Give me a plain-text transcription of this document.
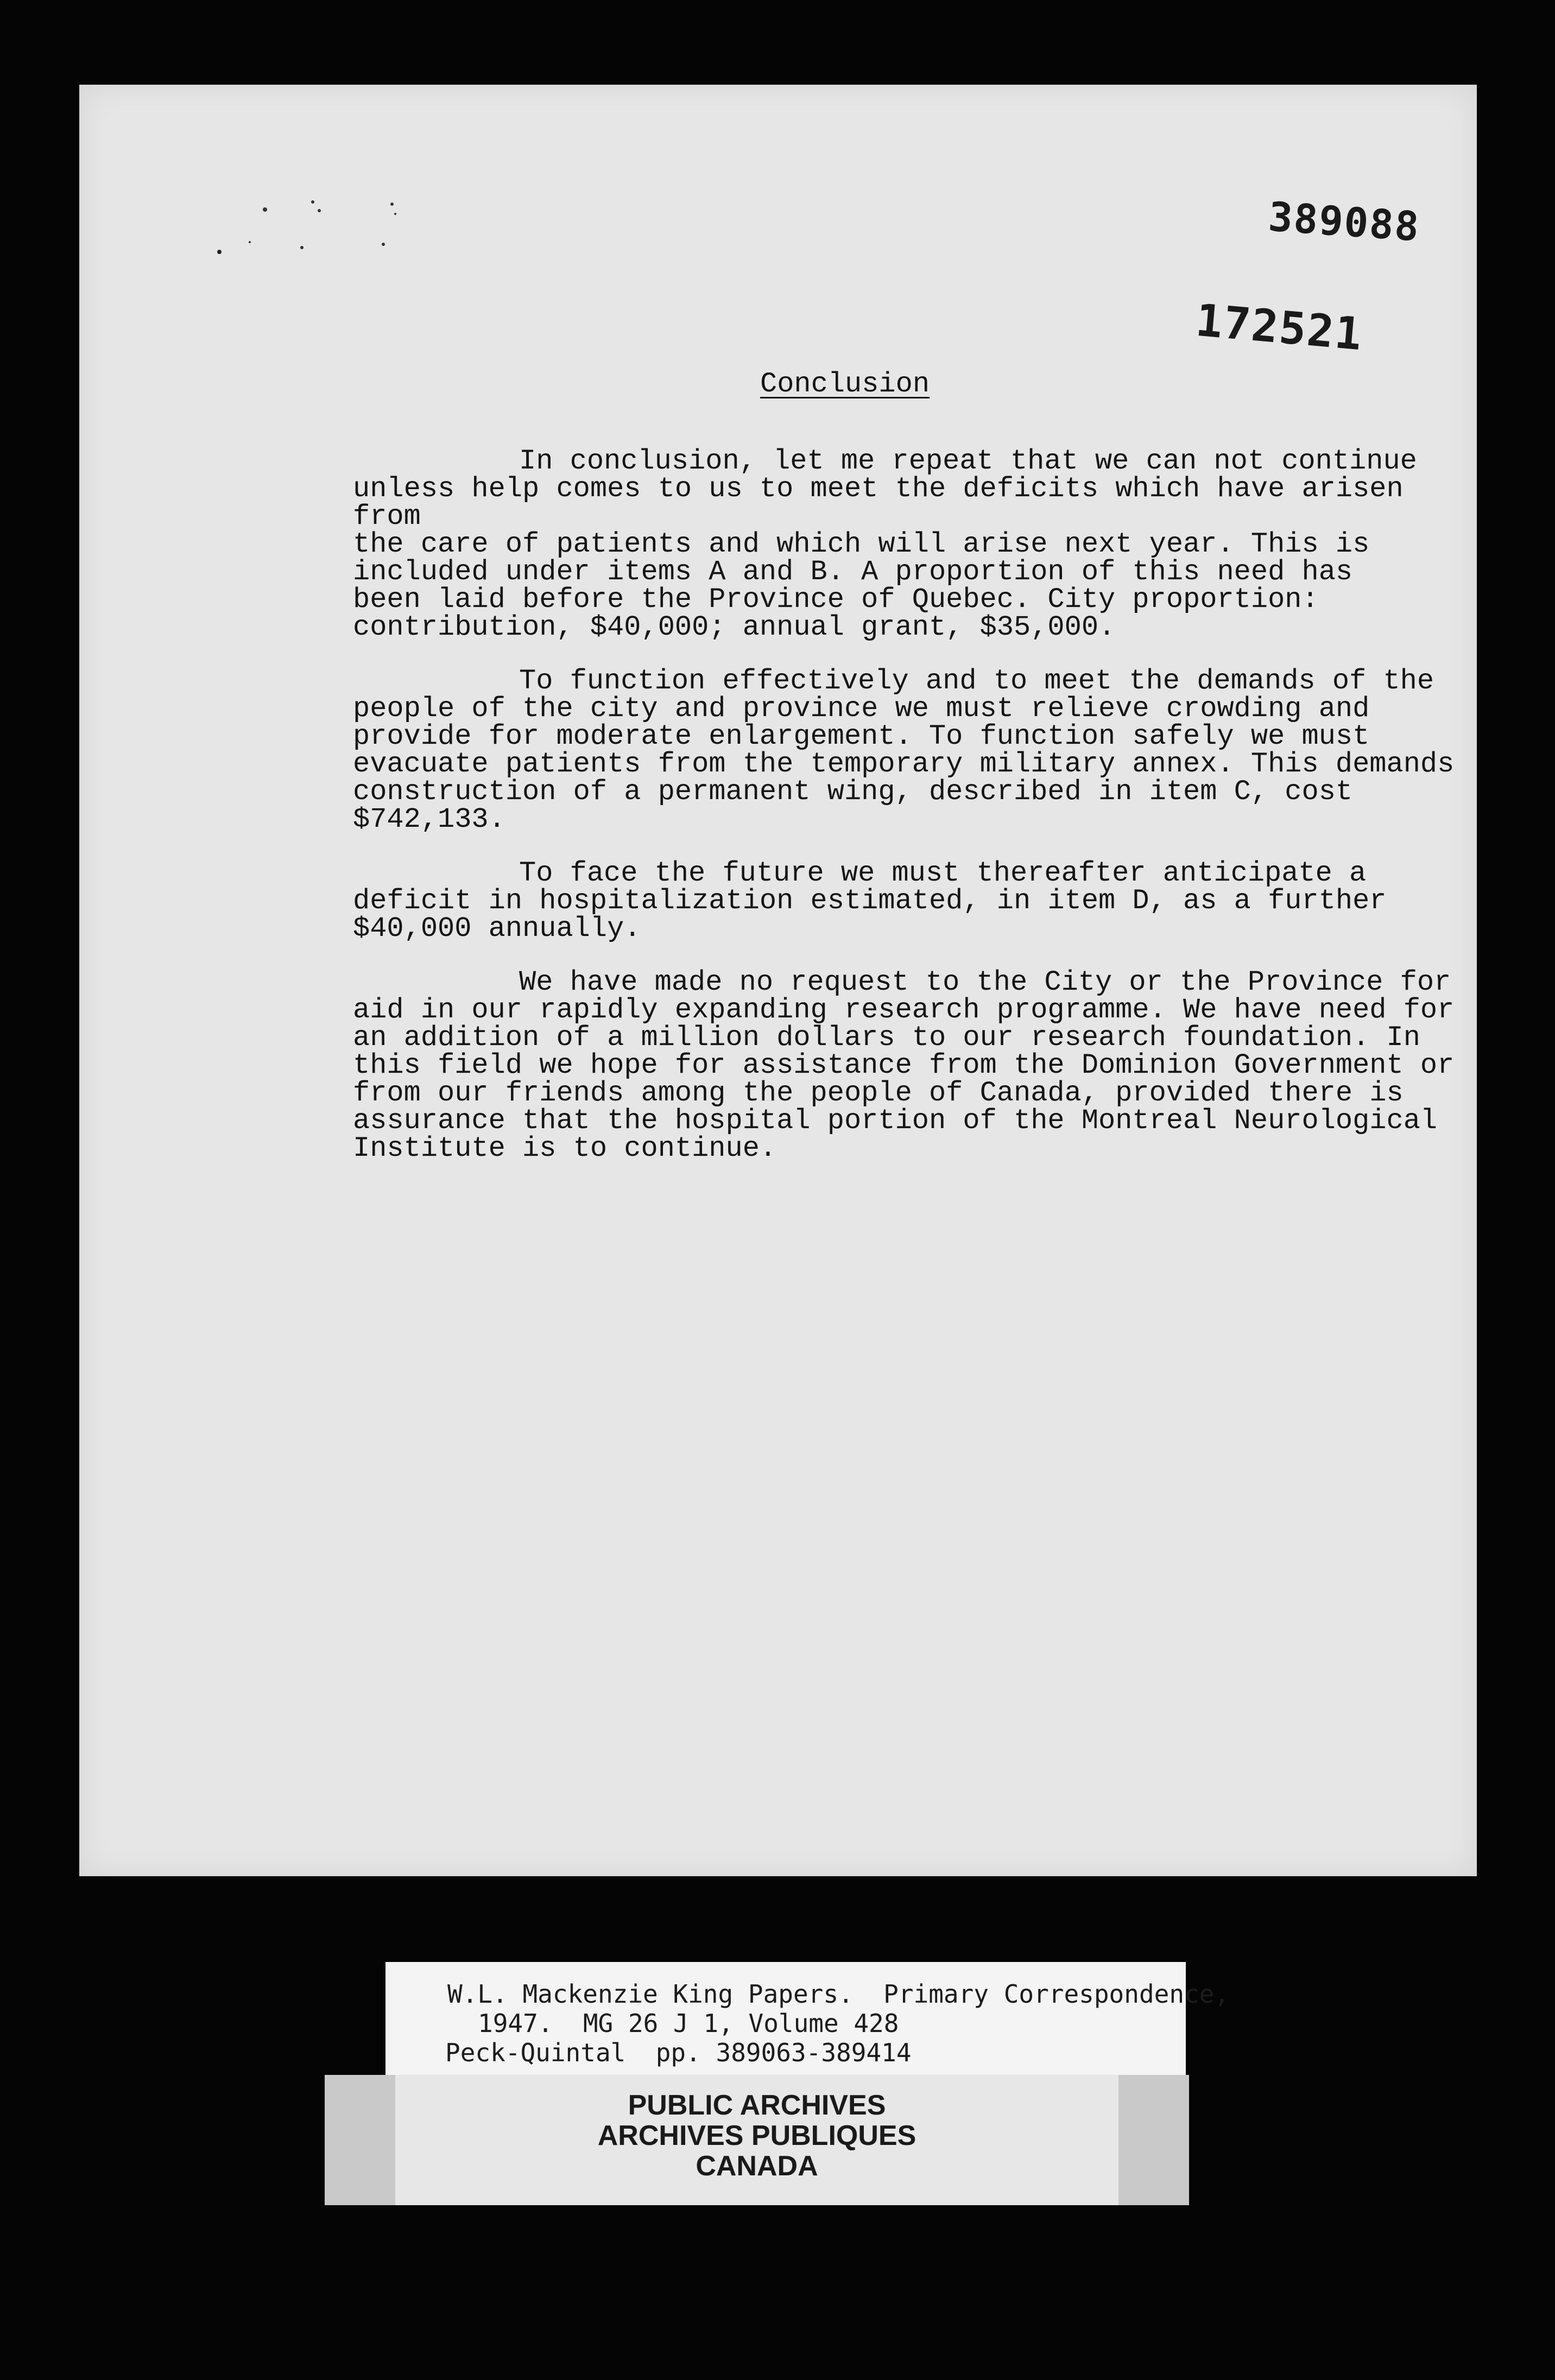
389088
172521
Conclusion

In conclusion, let me repeat that we can not continue
unless help comes to us to meet the deficits which have arisen from
the care of patients and which will arise next year. This is
included under items A and B. A proportion of this need has
been laid before the Province of Quebec. City proportion:
contribution, $40,000; annual grant, $35,000.

To function effectively and to meet the demands of the
people of the city and province we must relieve crowding and
provide for moderate enlargement. To function safely we must
evacuate patients from the temporary military annex. This demands
construction of a permanent wing, described in item C, cost
$742,133.

To face the future we must thereafter anticipate a
deficit in hospitalization estimated, in item D, as a further
$40,000 annually.

We have made no request to the City or the Province for
aid in our rapidly expanding research programme. We have need for
an addition of a million dollars to our research foundation. In
this field we hope for assistance from the Dominion Government or
from our friends among the people of Canada, provided there is
assurance that the hospital portion of the Montreal Neurological
Institute is to continue.

W.L. Mackenzie King Papers.  Primary Correspondence,
1947.  MG 26 J 1, Volume 428
Peck-Quintal  pp. 389063-389414
PUBLIC ARCHIVES
ARCHIVES PUBLIQUES
CANADA
